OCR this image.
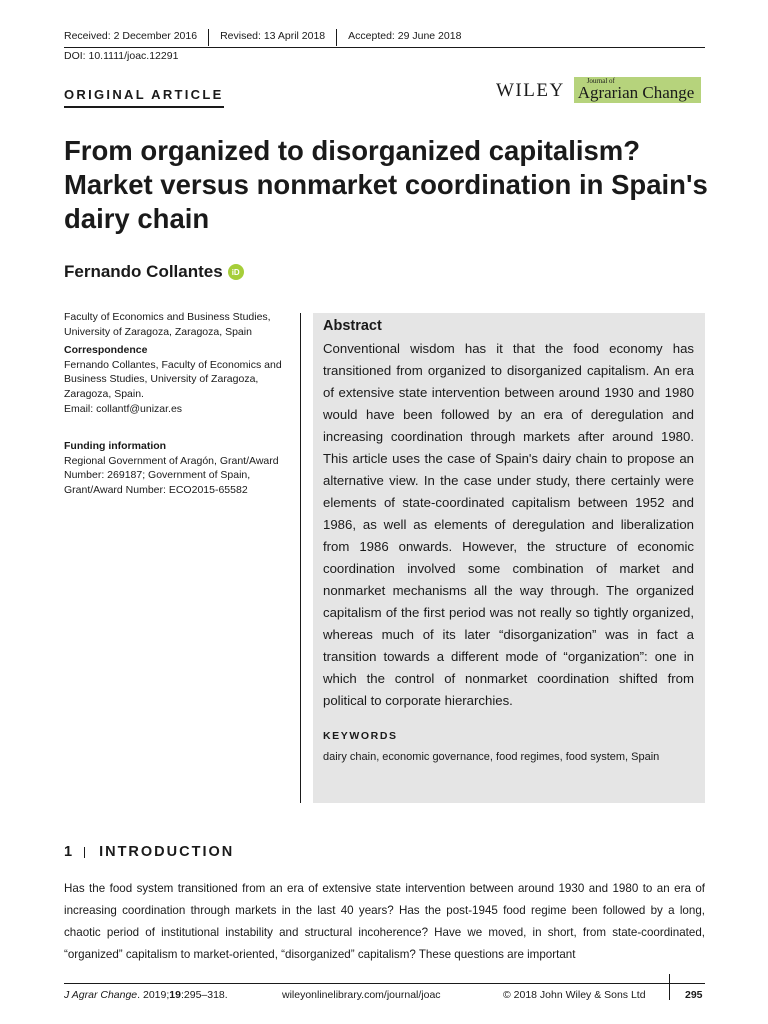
Received: 2 December 2016	Revised: 13 April 2018	Accepted: 29 June 2018
DOI: 10.1111/joac.12291
ORIGINAL ARTICLE	WILEY	Journal of
Agrarian Change
From organized to disorganized capitalism? Market versus nonmarket coordination in Spain's dairy chain
Fernando Collantes	iD
Faculty of Economics and Business Studies, University of Zaragoza, Zaragoza, Spain
Correspondence
Fernando Collantes, Faculty of Economics and Business Studies, University of Zaragoza, Zaragoza, Spain.
Email: collantf@unizar.es
Funding information
Regional Government of Aragón, Grant/Award Number: 269187; Government of Spain, Grant/Award Number: ECO2015-65582
Abstract

Conventional wisdom has it that the food economy has transitioned from organized to disorganized capitalism. An era of extensive state intervention between around 1930 and 1980 would have been followed by an era of deregulation and increasing coordination through markets after around 1980. This article uses the case of Spain's dairy chain to propose an alternative view. In the case under study, there certainly were elements of state-coordinated capitalism between 1952 and 1986, as well as elements of deregulation and liberalization from 1986 onwards. However, the structure of economic coordination involved some combination of market and nonmarket mechanisms all the way through. The organized capitalism of the first period was not really so tightly organized, whereas much of its later “disorganization” was in fact a transition towards a different mode of “organization”: one in which the control of nonmarket coordination shifted from political to corporate hierarchies.

KEYWORDS
dairy chain, economic governance, food regimes, food system, Spain
1 INTRODUCTION

Has the food system transitioned from an era of extensive state intervention between around 1930 and 1980 to an era of increasing coordination through markets in the last 40 years? Has the post-1945 food regime been followed by a long, chaotic period of institutional instability and structural incoherence? Have we moved, in short, from state-coordinated, “organized” capitalism to market-oriented, “disorganized” capitalism? These questions are important

J Agrar Change. 2019;19:295–318.	wileyonlinelibrary.com/journal/joac	© 2018 John Wiley & Sons Ltd	295
